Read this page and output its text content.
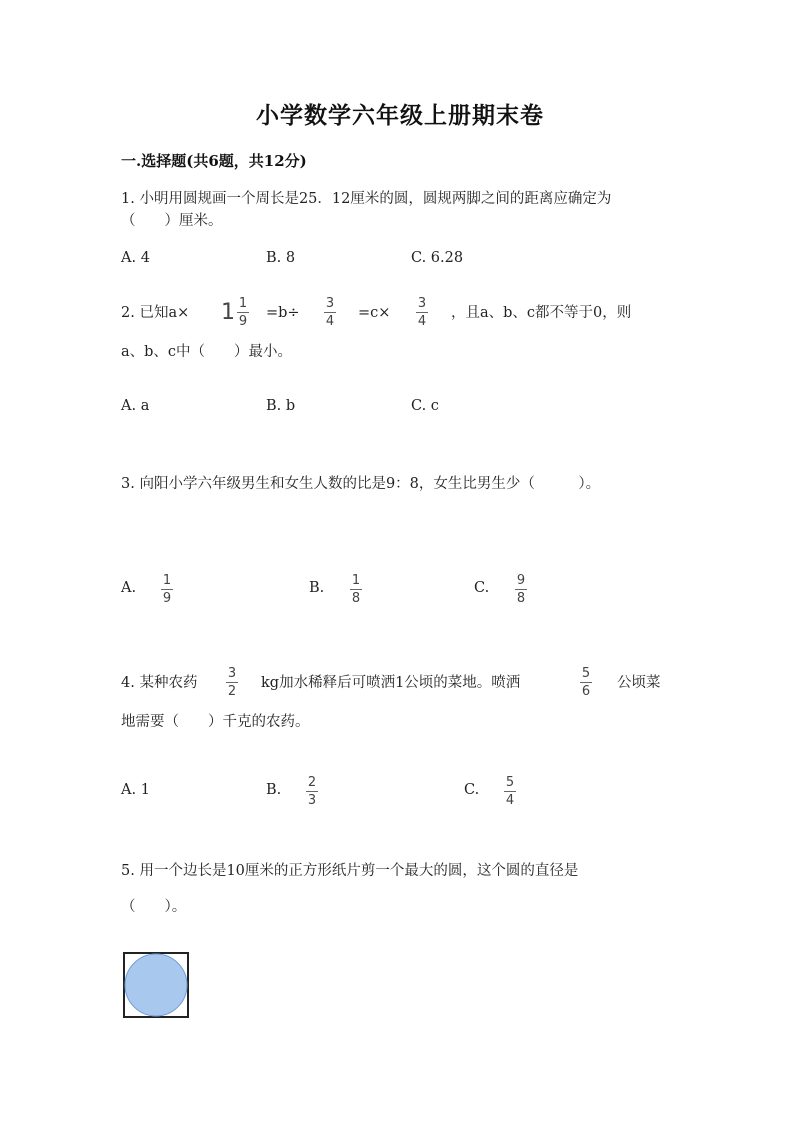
小学数学六年级上册期末卷
一.选择题(共6题，共12分)
1. 小明用圆规画一个周长是25．12厘米的圆，圆规两脚之间的距离应确定为
（　　）厘米。
A. 4	B. 8	C. 6.28
2. 已知$a\times 1 \frac{1}{9} =b\div$
3
4
=c×
3
4
，且a、b、c都不等于0，则
a、b、c中（　　）最小。
A. a	B. b	C. c
3. 向阳小学六年级男生和女生人数的比是9：8，女生比男生少（　　　）。
A. 1
9
B. 1
8
C. 9
8
4. 某种农药
3
2
kg加水稀释后可喷洒1公顷的菜地。喷洒
5
6
公顷菜
地需要（　　）千克的农药。
A. 1	B. 2
3
C. 5
4
5. 用一个边长是10厘米的正方形纸片剪一个最大的圆，这个圆的直径是
（　　）。
